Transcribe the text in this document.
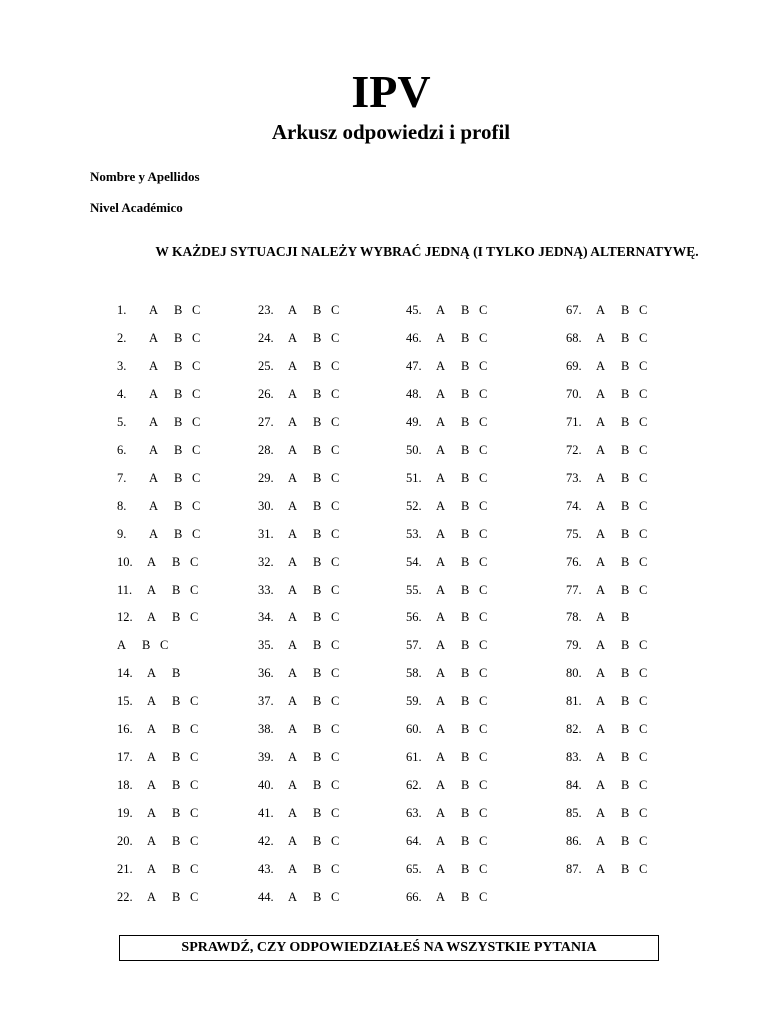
IPV
Arkusz odpowiedzi i profil
Nombre y Apellidos
Nivel Académico
W KAŻDEJ SYTUACJI NALEŻY WYBRAĆ JEDNĄ (I TYLKO JEDNĄ) ALTERNATYWĘ.
1. A B C
2. A B C
3. A B C
4. A B C
5. A B C
6. A B C
7. A B C
8. A B C
9. A B C
10. A B C
11. A B C
12. A B C
A B C
14. A B
15. A B C
16. A B C
17. A B C
18. A B C
19. A B C
20. A B C
21. A B C
22. A B C
23. A B C
24. A B C
25. A B C
26. A B C
27. A B C
28. A B C
29. A B C
30. A B C
31. A B C
32. A B C
33. A B C
34. A B C
35. A B C
36. A B C
37. A B C
38. A B C
39. A B C
40. A B C
41. A B C
42. A B C
43. A B C
44. A B C
45. A B C
46. A B C
47. A B C
48. A B C
49. A B C
50. A B C
51. A B C
52. A B C
53. A B C
54. A B C
55. A B C
56. A B C
57. A B C
58. A B C
59. A B C
60. A B C
61. A B C
62. A B C
63. A B C
64. A B C
65. A B C
66. A B C
67. A B C
68. A B C
69. A B C
70. A B C
71. A B C
72. A B C
73. A B C
74. A B C
75. A B C
76. A B C
77. A B C
78. A B
79. A B C
80. A B C
81. A B C
82. A B C
83. A B C
84. A B C
85. A B C
86. A B C
87. A B C
SPRAWDŹ, CZY ODPOWIEDZIAŁEŚ NA WSZYSTKIE PYTANIA
